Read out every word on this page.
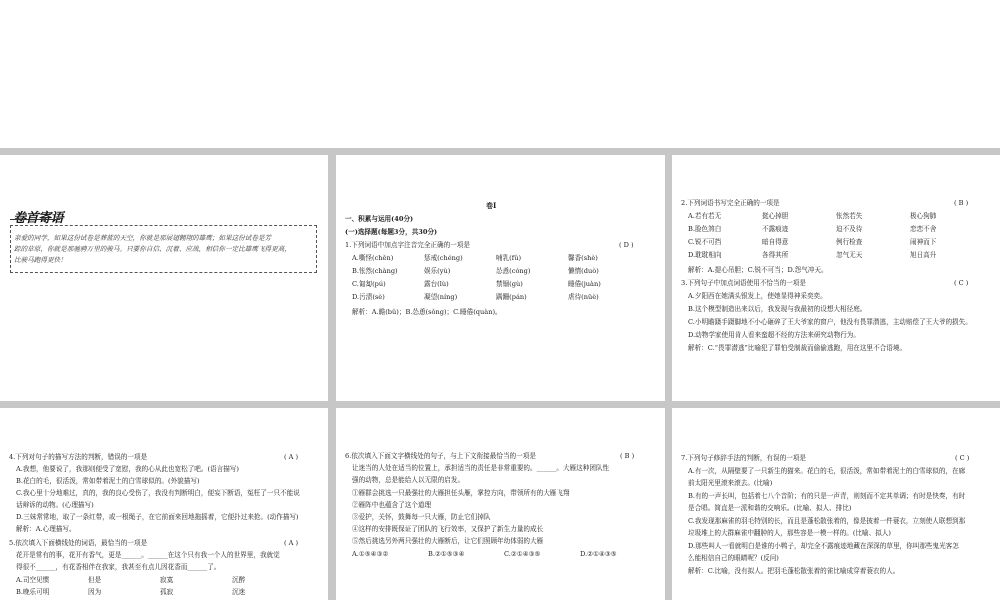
卷首寄语
亲爱的同学，如果这份试卷是葬蓝的天空，你就是那展翅翱翔的雄鹰；如果这份试卷是芳
踪的草原，你就是那驰骋万里的骏马。只要你自信、沉着、应战，相信你一定比雄鹰飞得更高，
比骏马跑得更快！
卷Ⅰ
一、积累与运用(40分)
(一)选择题(每题3分，共30分)
1.下列词语中加点字注音完全正确的一项是	( D )
A.嘶怪(chěn)	惩戒(chéng)	哺乳(fǔ)	馨香(shè)
B.怅然(chàng)	娱乐(yù)	怂恿(cóng)	懒惰(duò)
C.匍匐(pú)	露台(lù)	禁锢(gù)	睡倦(juàn)
D.污渍(sè)	凝望(níng)	蹒跚(pán)	虐待(nüè)
解析：A.瞻(bǔ)；B.怂恿(sǒng)；C.睡倦(quàn)。
2.下列词语书写完全正确的一项是	( B )
A.若有若无	挺心掉胆	怅然若失	极心狗肺
B.脸色煞白	不露痕迹	迫不及待	恋恋不舍
C.锐不可挡	暗自得意	例行检查	闹神而下
D.耽耽相向	各得其所	忽气无天	旭日高升
解析：A.提心吊胆；C.锐不可当；D.怨气冲天。
3.下列句子中加点词语使用不恰当的一项是	( C )
A.夕阳西在她满头银发上，使她显得神采奕奕。
B.这个模型制造出来以后，我发现与我最初的设想大相径庭。
C.小明瞻蹑手蹑脚地不小心砸碎了王大爷家的窗户，他没有畏罪潜逃，主动赔偿了王大爷的损失。
D.动物学家使用肯人看来蛮超不经的方法来研究动物行为。
解析：C.“畏罪潜逃”比喻犯了罪怕受制裁而偷偷逃跑，用在这里不合语境。
4.下列对句子的描写方法的判断，错误的一项是	( A )
A.我想，他要说了，我那则便受了宽慰，我的心从此也宽松了吧。(语言描写)
B.花白的毛，很活泼，常如带着泥土的白雪球似的。(外貌描写)
C.我心里十分地难过，真的，我的良心受伤了，我没有判断明白，便妄下断语，冤枉了一只不能说
话辩诉的动物。(心理描写)
D.三妹常常地，取了一条红带，或一根绳子，在它前面来回地拖摇着，它便扑过来抢。(动作描写)
解析：A.心理描写。
5.依次填入下面横线处的词语，最恰当的一项是	( A )
花开是常有的事，花开有香气，更是______。______在这个只有我一个人的世界里，我就觉
得很不______，有花香相伴在我家，我甚至有点儿因花香而______了。
A.司空见惯	但是	寂寞	沉醉
B.晚乐可明	因为	孤寂	沉迷
6.依次填入下面文字横线处的句子，与上下文衔接最恰当的一项是	( B )
让迷当的人处在适当的位置上，承担适当的责任是非常重要的。______。大雁这种团队性
强的动物，总是能给人以无限的启发。
①雁群会挑选一只最强壮的大雁担任头雁，掌控方向，带领所有的大雁飞翔
②雁阵中也蕴含了这个道理
③爱护，关怀，鼓舞每一只大雁，防止它们掉队
④这样的安排既保证了团队的飞行效率，又保护了新生力量的成长
⑤然后挑选另外两只强壮的大雁断后，让它们照顾年幼体弱的大雁
A.①⑤④③②	B.②①⑤③④	C.②①④③⑤	D.②①④③⑤
7.下列句子修辞手法的判断，有误的一项是	( C )
A.有一次，从隔壁要了一只新生的猫来。花白的毛，很活泼，常如带着泥土的白雪球似的，在廊
前太阳光里滚来滚去。(比喻)
B.有的一声长叫，包括着七八个音阶；有的只是一声青，则刻而不定其单调；有时是快奏，有时
是合唱。简直是一派和谐的交响乐。(比喻、拟人、排比)
C.我发现那麻雀的羽毛特别的长，而且是蓬松散张着的，像是披着一件蓑衣，立刻使人联想到那
垃圾堆上的大群麻雀中翻肿的人，那些容是一模一样的。(比喻、拟人)
D.那些叫人一看就明白是谁的小鸭子，却完全不露痕迹地藏在深深的草里，你叫那些鬼光客怎
么能相信自己的眼睛呢？(反问)
解析：C.比喻，没有拟人。把羽毛蓬松散张着的雀比喻成穿着蓑衣的人。
